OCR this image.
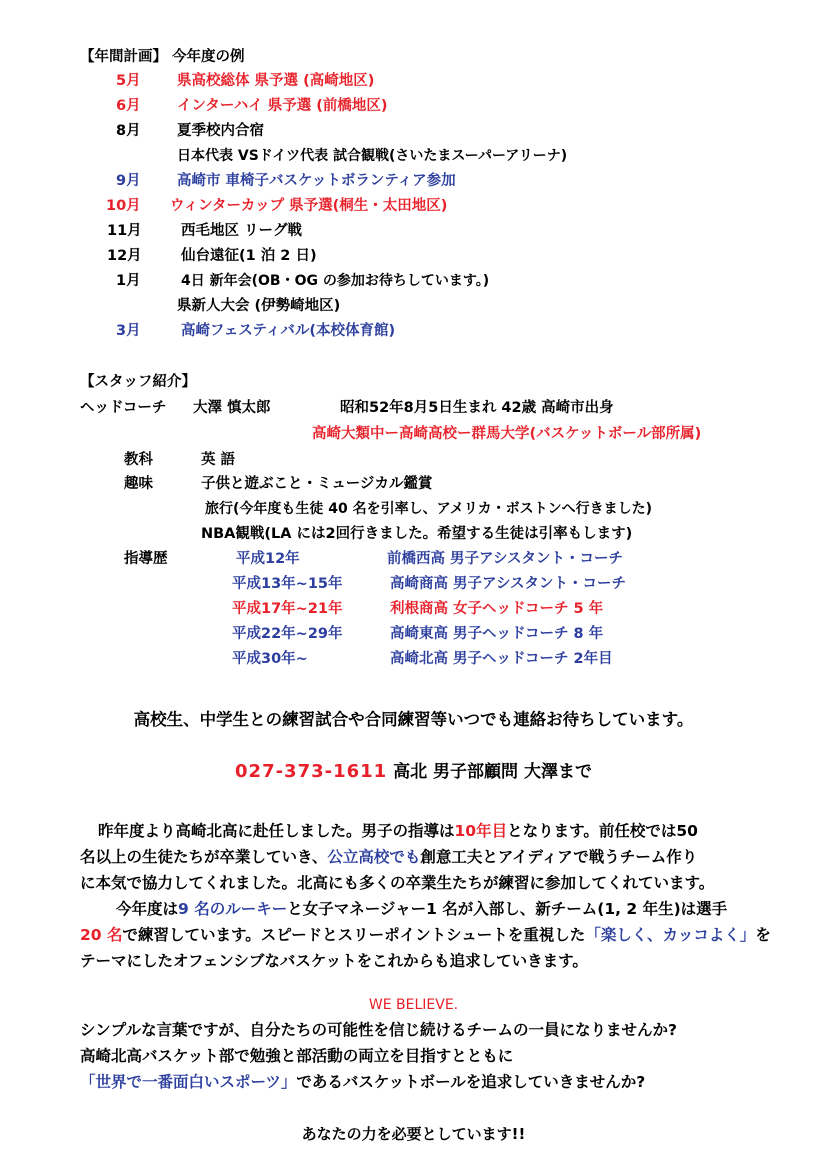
【年間計画】 今年度の例
5月	県高校総体 県予選 (高崎地区)
6月	インターハイ 県予選 (前橋地区)
8月	夏季校内合宿
日本代表 VSドイツ代表 試合観戦(さいたまスーパーアリーナ)
9月	高崎市 車椅子バスケットボランティア参加
10月 ウィンターカップ 県予選(桐生・太田地区)
11月	西毛地区 リーグ戦
12月	仙台遠征(1 泊 2 日)
1月	4日 新年会(OB・OG の参加お待ちしています。)
県新人大会 (伊勢崎地区)
3月	高崎フェスティバル(本校体育館)
【スタッフ紹介】
ヘッドコーチ 大澤 慎太郎	昭和52年8月5日生まれ 42歳 高崎市出身
高崎大類中ー高崎高校ー群馬大学(バスケットボール部所属)
教科	英 語
趣味	子供と遊ぶこと・ミュージカル鑑賞
旅行(今年度も生徒 40 名を引率し、アメリカ・ボストンへ行きました)
NBA観戦(LA には2回行きました。希望する生徒は引率もします)
指導歴	平成12年	前橋西高 男子アシスタント・コーチ
平成13年~15年	高崎商高 男子アシスタント・コーチ
平成17年~21年	利根商高 女子ヘッドコーチ 5 年
平成22年~29年	高崎東高 男子ヘッドコーチ 8 年
平成30年~	高崎北高 男子ヘッドコーチ 2年目
高校生、中学生との練習試合や合同練習等いつでも連絡お待ちしています。
027-373-1611 高北 男子部顧問 大澤まで
昨年度より高崎北高に赴任しました。男子の指導は10年目となります。前任校では50
名以上の生徒たちが卒業していき、公立高校でも創意工夫とアイディアで戦うチーム作り
に本気で協力してくれました。北高にも多くの卒業生たちが練習に参加してくれています。
今年度は9 名のルーキーと女子マネージャー1 名が入部し、新チーム(1, 2 年生)は選手
20 名で練習しています。スピードとスリーポイントシュートを重視した「楽しく、カッコよく」を
テーマにしたオフェンシブなバスケットをこれからも追求していきます。
WE BELIEVE.
シンプルな言葉ですが、自分たちの可能性を信じ続けるチームの一員になりませんか?
高崎北高バスケット部で勉強と部活動の両立を目指すとともに
「世界で一番面白いスポーツ」であるバスケットボールを追求していきませんか?
あなたの力を必要としています!!
